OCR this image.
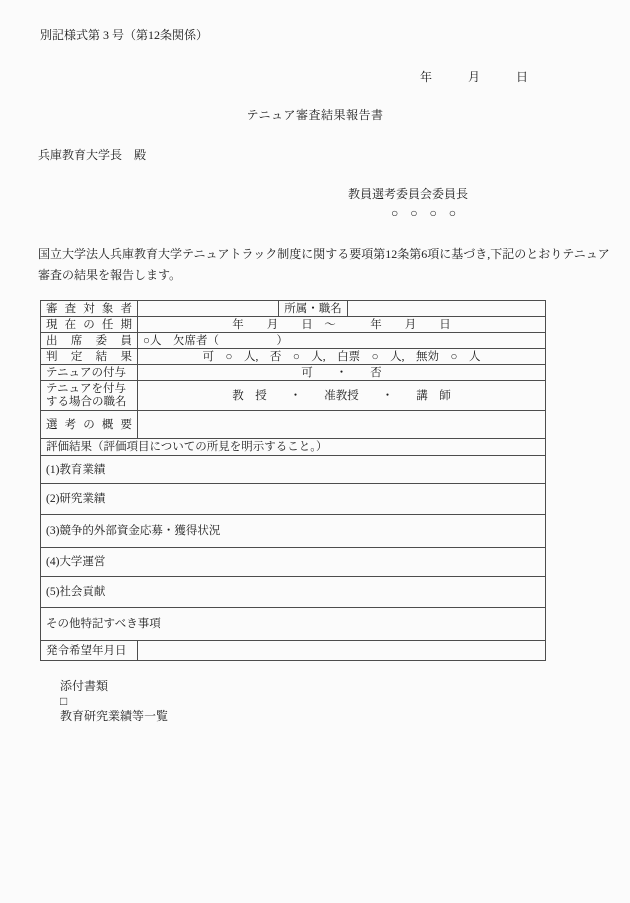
別記様式第 3 号（第12条関係）
年　　　月　　　日
テニュア審査結果報告書
兵庫教育大学長　殿
教員選考委員会委員長
○　○　○　○
国立大学法人兵庫教育大学テニュアトラック制度に関する要項第12条第6項に基づき,下記のとおりテニュア
審査の結果を報告します。
審査対象者		所属・職名	
現在の任期	年　　月　　日　～　　　年　　月　　日		
出席委員	○人　欠席者（　　　　　）		
判定結果	可　○　人,　否　○　人,　白票　○　人,　無効　○　人		
テニュアの付与	可　　・　　否		

テニュアを付与
する場合の職名	教　授　　・　　准教授　　・　　講　師		
選考の概要			
評価結果（評価項目についての所見を明示すること。）			
(1)教育業績			
(2)研究業績			
(3)競争的外部資金応募・獲得状況			
(4)大学運営			
(5)社会貢献			
その他特記すべき事項			
発令希望年月日			

添付書類
□
教育研究業績等一覧
